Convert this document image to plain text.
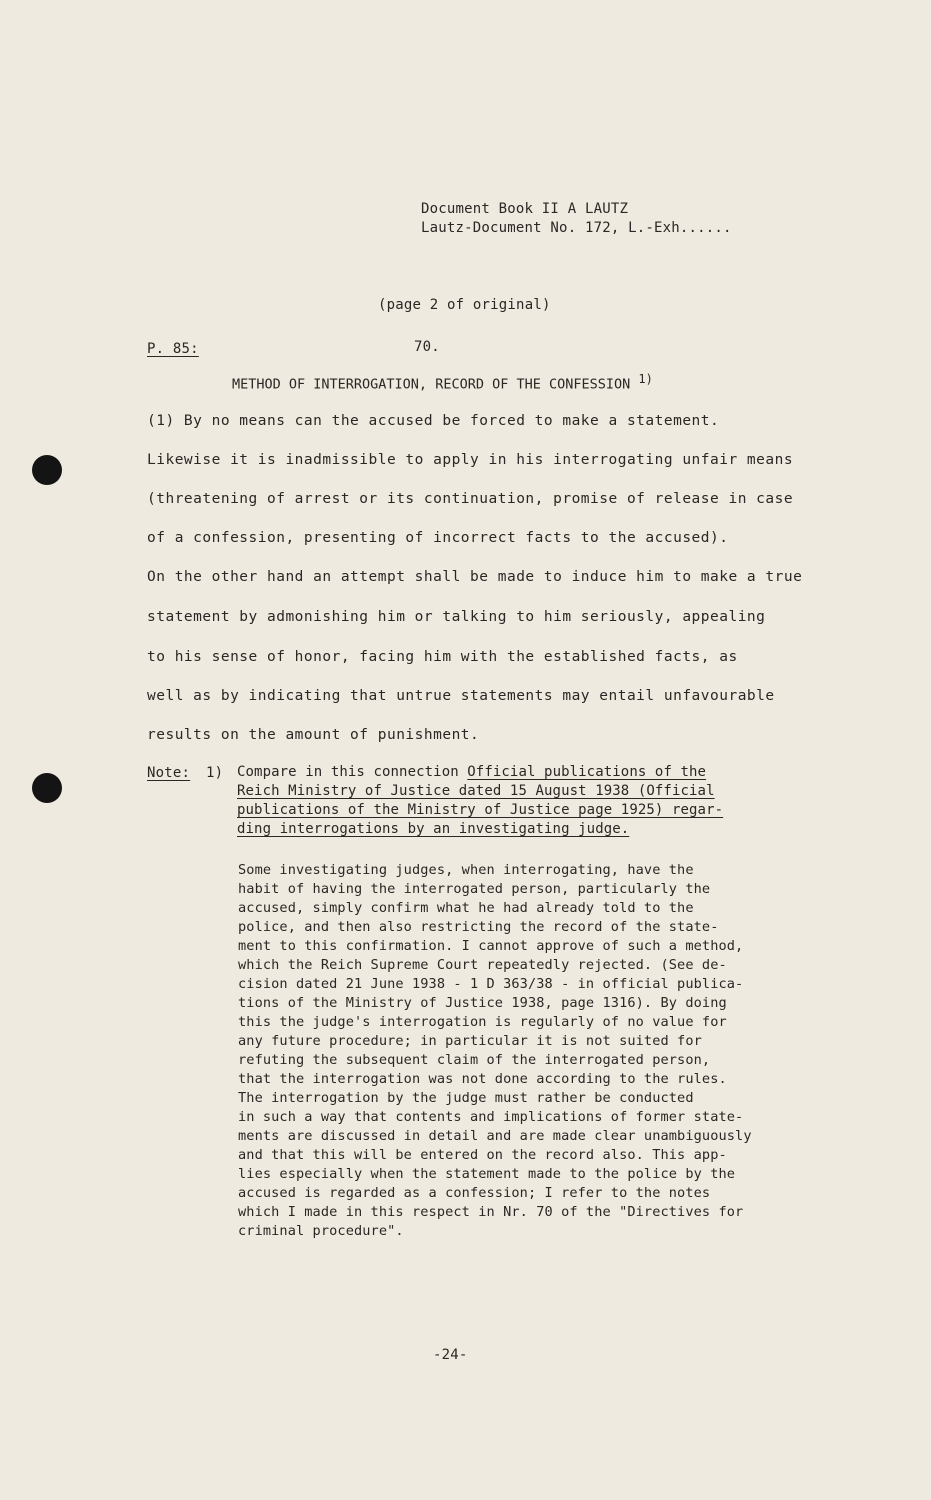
Document Book II A LAUTZ
Lautz-Document No. 172, L.-Exh......
(page 2 of original)
P. 85:	70.
METHOD OF INTERROGATION, RECORD OF THE CONFESSION $^{1)}$
(1) By no means can the accused be forced to make a statement.
Likewise it is inadmissible to apply in his interrogating unfair means
(threatening of arrest or its continuation, promise of release in case
of a confession, presenting of incorrect facts to the accused).
On the other hand an attempt shall be made to induce him to make a true
statement by admonishing him or talking to him seriously, appealing
to his sense of honor, facing him with the established facts, as
well as by indicating that untrue statements may entail unfavourable
results on the amount of punishment.
Note: 1) Compare in this connection Official publications of the
Reich Ministry of Justice dated 15 August 1938 (Official
publications of the Ministry of Justice page 1925) regar-
ding interrogations by an investigating judge.
Some investigating judges, when interrogating, have the
habit of having the interrogated person, particularly the
accused, simply confirm what he had already told to the
police, and then also restricting the record of the state-
ment to this confirmation. I cannot approve of such a method,
which the Reich Supreme Court repeatedly rejected. (See de-
cision dated 21 June 1938 - 1 D 363/38 - in official publica-
tions of the Ministry of Justice 1938, page 1316). By doing
this the judge's interrogation is regularly of no value for
any future procedure; in particular it is not suited for
refuting the subsequent claim of the interrogated person,
that the interrogation was not done according to the rules.
The interrogation by the judge must rather be conducted
in such a way that contents and implications of former state-
ments are discussed in detail and are made clear unambiguously
and that this will be entered on the record also. This app-
lies especially when the statement made to the police by the
accused is regarded as a confession; I refer to the notes
which I made in this respect in Nr. 70 of the "Directives for
criminal procedure".
-24-
